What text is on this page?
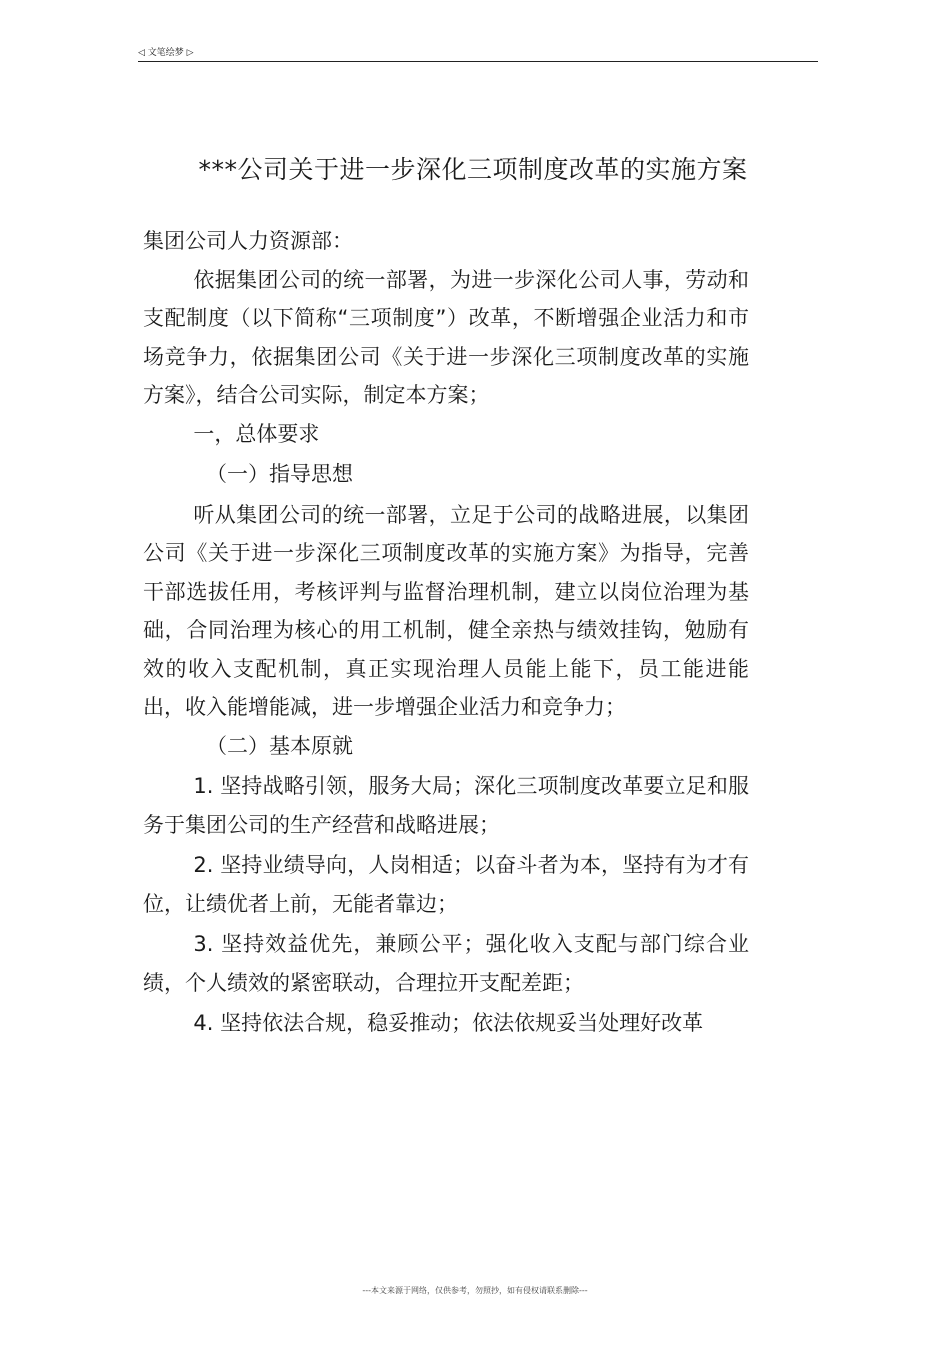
◁ 文笔绘梦 ▷
***公司关于进一步深化三项制度改革的实施方案

集团公司人力资源部：

依据集团公司的统一部署，为进一步深化公司人事，劳动和支配制度（以下简称“三项制度”）改革，不断增强企业活力和市场竞争力，依据集团公司《关于进一步深化三项制度改革的实施方案》，结合公司实际，制定本方案；

一，总体要求

（一）指导思想

听从集团公司的统一部署，立足于公司的战略进展，以集团公司《关于进一步深化三项制度改革的实施方案》为指导，完善干部选拔任用，考核评判与监督治理机制，建立以岗位治理为基础，合同治理为核心的用工机制，健全亲热与绩效挂钩，勉励有效的收入支配机制，真正实现治理人员能上能下，员工能进能出，收入能增能减，进一步增强企业活力和竞争力；

（二）基本原就

1. 坚持战略引领，服务大局；深化三项制度改革要立足和服务于集团公司的生产经营和战略进展；

2. 坚持业绩导向，人岗相适；以奋斗者为本，坚持有为才有位，让绩优者上前，无能者靠边；

3. 坚持效益优先，兼顾公平；强化收入支配与部门综合业绩，个人绩效的紧密联动，合理拉开支配差距；

4. 坚持依法合规，稳妥推动；依法依规妥当处理好改革

---本文来源于网络，仅供参考，勿照抄，如有侵权请联系删除---
